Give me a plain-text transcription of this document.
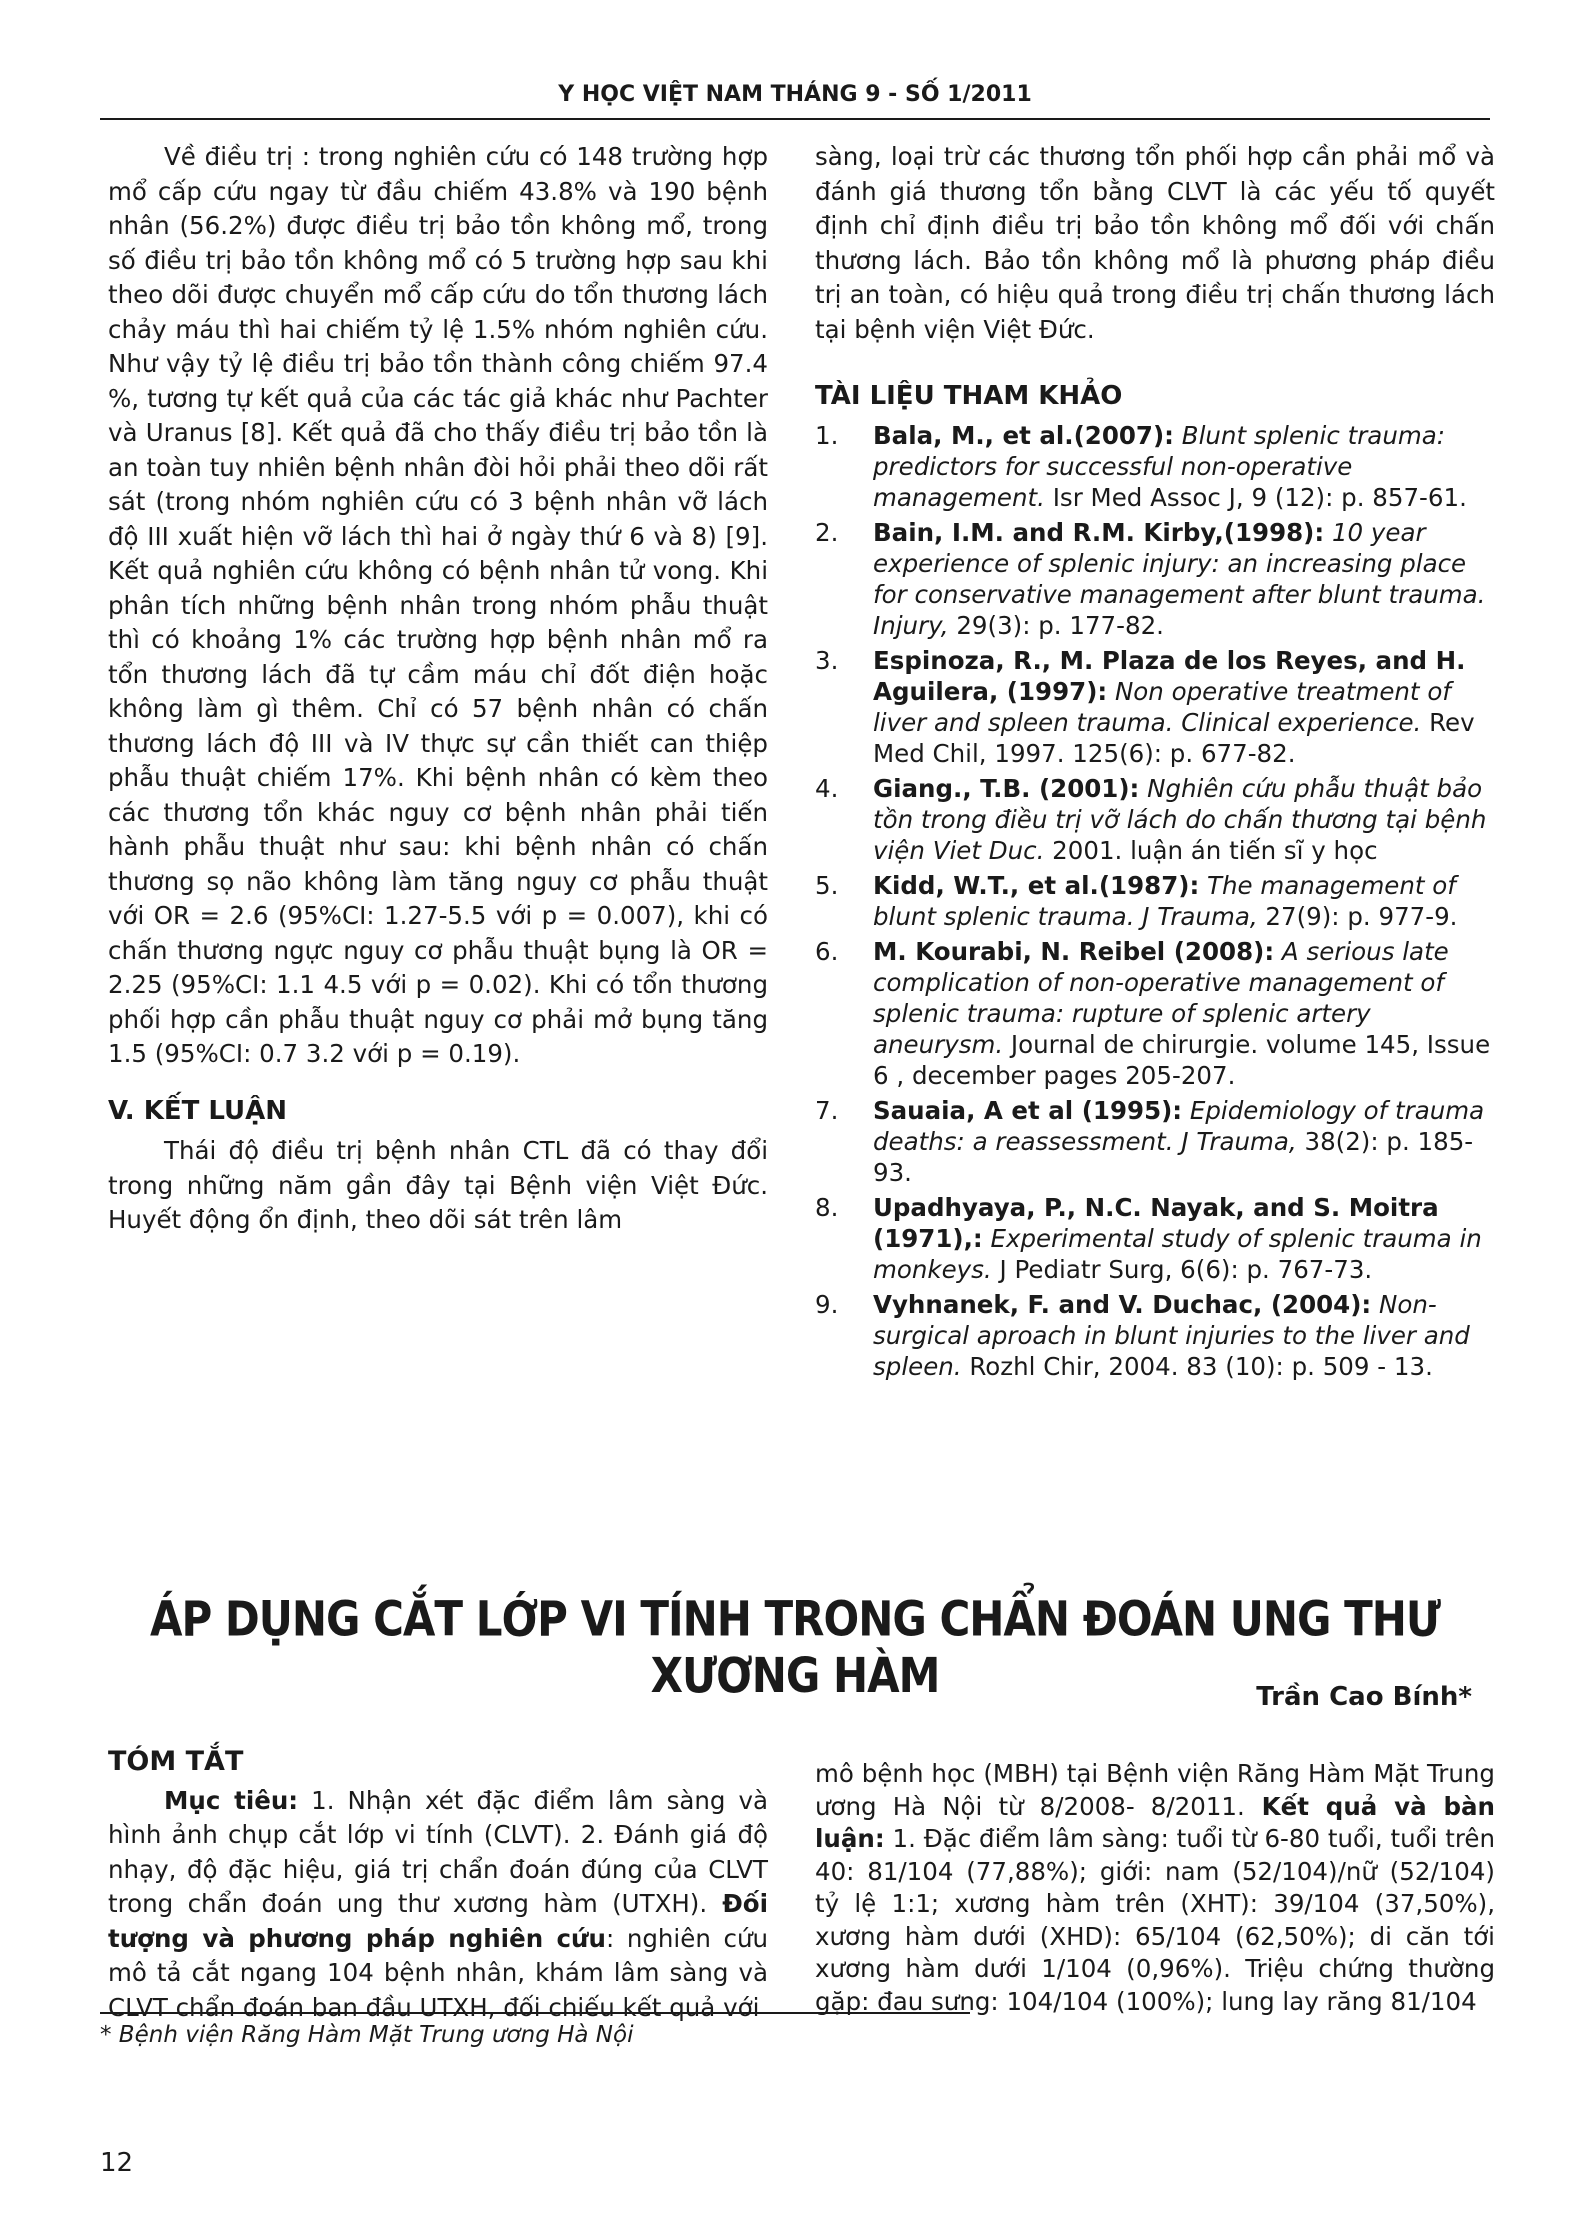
Y HỌC VIỆT NAM THÁNG 9 - SỐ 1/2011

Về điều trị : trong nghiên cứu có 148 trường hợp mổ cấp cứu ngay từ đầu chiếm 43.8% và 190 bệnh nhân (56.2%) được điều trị bảo tồn không mổ, trong số điều trị bảo tồn không mổ có 5 trường hợp sau khi theo dõi được chuyển mổ cấp cứu do tổn thương lách chảy máu thì hai chiếm tỷ lệ 1.5% nhóm nghiên cứu. Như vậy tỷ lệ điều trị bảo tồn thành công chiếm 97.4 %, tương tự kết quả của các tác giả khác như Pachter và Uranus [8]. Kết quả đã cho thấy điều trị bảo tồn là an toàn tuy nhiên bệnh nhân đòi hỏi phải theo dõi rất sát (trong nhóm nghiên cứu có 3 bệnh nhân vỡ lách độ III xuất hiện vỡ lách thì hai ở ngày thứ 6 và 8) [9]. Kết quả nghiên cứu không có bệnh nhân tử vong. Khi phân tích những bệnh nhân trong nhóm phẫu thuật thì có khoảng 1% các trường hợp bệnh nhân mổ ra tổn thương lách đã tự cầm máu chỉ đốt điện hoặc không làm gì thêm. Chỉ có 57 bệnh nhân có chấn thương lách độ III và IV thực sự cần thiết can thiệp phẫu thuật chiếm 17%. Khi bệnh nhân có kèm theo các thương tổn khác nguy cơ bệnh nhân phải tiến hành phẫu thuật như sau: khi bệnh nhân có chấn thương sọ não không làm tăng nguy cơ phẫu thuật với OR = 2.6 (95%CI: 1.27-5.5 với p = 0.007), khi có chấn thương ngực nguy cơ phẫu thuật bụng là OR = 2.25 (95%CI: 1.1 4.5 với p = 0.02). Khi có tổn thương phối hợp cần phẫu thuật nguy cơ phải mở bụng tăng 1.5 (95%CI: 0.7 3.2 với p = 0.19).

V. KẾT LUẬN

Thái độ điều trị bệnh nhân CTL đã có thay đổi trong những năm gần đây tại Bệnh viện Việt Đức. Huyết động ổn định, theo dõi sát trên lâm

sàng, loại trừ các thương tổn phối hợp cần phải mổ và đánh giá thương tổn bằng CLVT là các yếu tố quyết định chỉ định điều trị bảo tồn không mổ đối với chấn thương lách. Bảo tồn không mổ là phương pháp điều trị an toàn, có hiệu quả trong điều trị chấn thương lách tại bệnh viện Việt Đức.

TÀI LIỆU THAM KHẢO

1. Bala, M., et al.(2007): Blunt splenic trauma: predictors for successful non-operative management. Isr Med Assoc J, 9 (12): p. 857-61.
2. Bain, I.M. and R.M. Kirby,(1998): 10 year experience of splenic injury: an increasing place for conservative management after blunt trauma. Injury, 29(3): p. 177-82.
3. Espinoza, R., M. Plaza de los Reyes, and H. Aguilera, (1997): Non operative treatment of liver and spleen trauma. Clinical experience. Rev Med Chil, 1997. 125(6): p. 677-82.
4. Giang., T.B. (2001): Nghiên cứu phẫu thuật bảo tồn trong điều trị vỡ lách do chấn thương tại bệnh viện Viet Duc. 2001. luận án tiến sĩ y học
5. Kidd, W.T., et al.(1987): The management of blunt splenic trauma. J Trauma, 27(9): p. 977-9.
6. M. Kourabi, N. Reibel (2008): A serious late complication of non-operative management of splenic trauma: rupture of splenic artery aneurysm. Journal de chirurgie. volume 145, Issue 6 , december pages 205-207.
7. Sauaia, A et al (1995): Epidemiology of trauma deaths: a reassessment. J Trauma, 38(2): p. 185-93.
8. Upadhyaya, P., N.C. Nayak, and S. Moitra (1971),: Experimental study of splenic trauma in monkeys. J Pediatr Surg, 6(6): p. 767-73.
9. Vyhnanek, F. and V. Duchac, (2004): Non-surgical aproach in blunt injuries to the liver and spleen. Rozhl Chir, 2004. 83 (10): p. 509 - 13.
ÁP DỤNG CẮT LỚP VI TÍNH TRONG CHẨN ĐOÁN UNG THƯ XƯƠNG HÀM	Trần Cao Bính*

TÓM TẮT

Mục tiêu: 1. Nhận xét đặc điểm lâm sàng và hình ảnh chụp cắt lớp vi tính (CLVT). 2. Đánh giá độ nhạy, độ đặc hiệu, giá trị chẩn đoán đúng của CLVT trong chẩn đoán ung thư xương hàm (UTXH). Đối tượng và phương pháp nghiên cứu: nghiên cứu mô tả cắt ngang 104 bệnh nhân, khám lâm sàng và CLVT chẩn đoán ban đầu UTXH, đối chiếu kết quả với

mô bệnh học (MBH) tại Bệnh viện Răng Hàm Mặt Trung ương Hà Nội từ 8/2008- 8/2011. Kết quả và bàn luận: 1. Đặc điểm lâm sàng: tuổi từ 6-80 tuổi, tuổi trên 40: 81/104 (77,88%); giới: nam (52/104)/nữ (52/104) tỷ lệ 1:1; xương hàm trên (XHT): 39/104 (37,50%), xương hàm dưới (XHD): 65/104 (62,50%); di căn tới xương hàm dưới 1/104 (0,96%). Triệu chứng thường gặp: đau sưng: 104/104 (100%); lung lay răng 81/104

* Bệnh viện Răng Hàm Mặt Trung ương Hà Nội
12
